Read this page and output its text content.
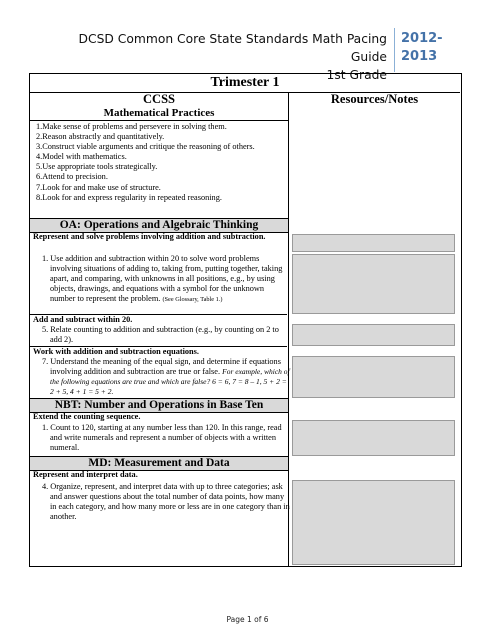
DCSD Common Core State Standards Math Pacing Guide
1st Grade
2012-
2013
Trimester 1
CCSS	Resources/Notes
Mathematical Practices
1.Make sense of problems and persevere in solving them.
2.Reason abstractly and quantitatively.
3.Construct viable arguments and critique the reasoning of others.
4.Model with mathematics.
5.Use appropriate tools strategically.
6.Attend to precision.
7.Look for and make use of structure.
8.Look for and express regularity in repeated reasoning.
OA: Operations and Algebraic Thinking
Represent and solve problems involving addition and subtraction.
1. Use addition and subtraction within 20 to solve word problems involving situations of adding to, taking from, putting together, taking apart, and comparing, with unknowns in all positions, e.g., by using objects, drawings, and equations with a symbol for the unknown number to represent the problem. (See Glossary, Table 1.)
Add and subtract within 20.
5. Relate counting to addition and subtraction (e.g., by counting on 2 to add 2).
Work with addition and subtraction equations.
7. Understand the meaning of the equal sign, and determine if equations involving addition and subtraction are true or false. For example, which of the following equations are true and which are false? 6 = 6, 7 = 8 – 1, 5 + 2 = 2 + 5, 4 + 1 = 5 + 2.
NBT: Number and Operations in Base Ten
Extend the counting sequence.
1. Count to 120, starting at any number less than 120. In this range, read and write numerals and represent a number of objects with a written numeral.
MD: Measurement and Data
Represent and interpret data.
4. Organize, represent, and interpret data with up to three categories; ask and answer questions about the total number of data points, how many in each category, and how many more or less are in one category than in another.
Page 1 of 6
